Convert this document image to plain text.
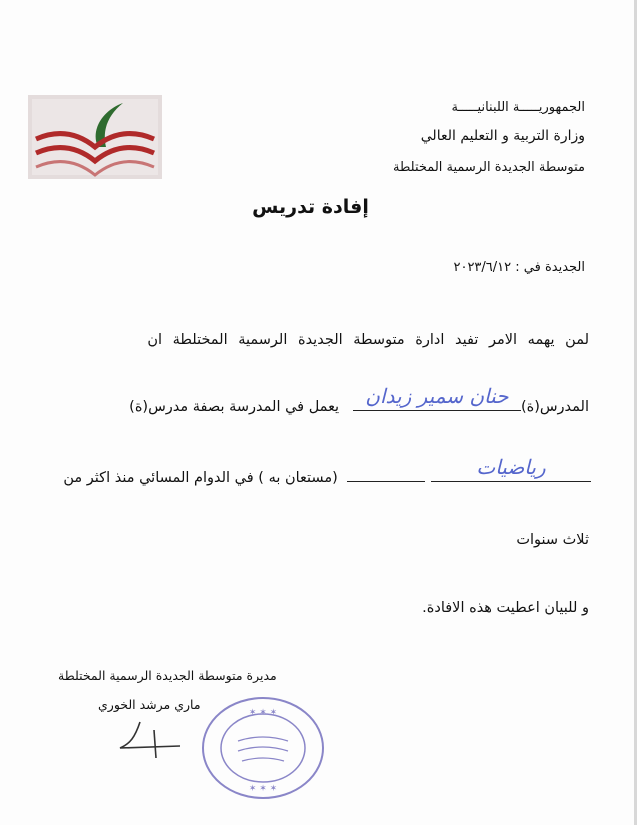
الجمهوريـــــة اللبنانيـــــة
وزارة التربية و التعليم العالي
متوسطة الجديدة الرسمية المختلطة
إفادة تدريس
الجديدة في : ٢٠٢٣/٦/١٢
لمن يهمه الامر تفيد ادارة متوسطة الجديدة الرسمية المختلطة ان
المدرس(ة)
حنان سمير زيدان
يعمل في المدرسة بصفة مدرس(ة)
رياضيات
(مستعان به ) في الدوام المسائي منذ اكثر من
ثلاث سنوات
و للبيان اعطيت هذه الافادة.
مديرة متوسطة الجديدة الرسمية المختلطة
ماري مرشد الخوري
✶ ✶ ✶
✶ ✶ ✶
